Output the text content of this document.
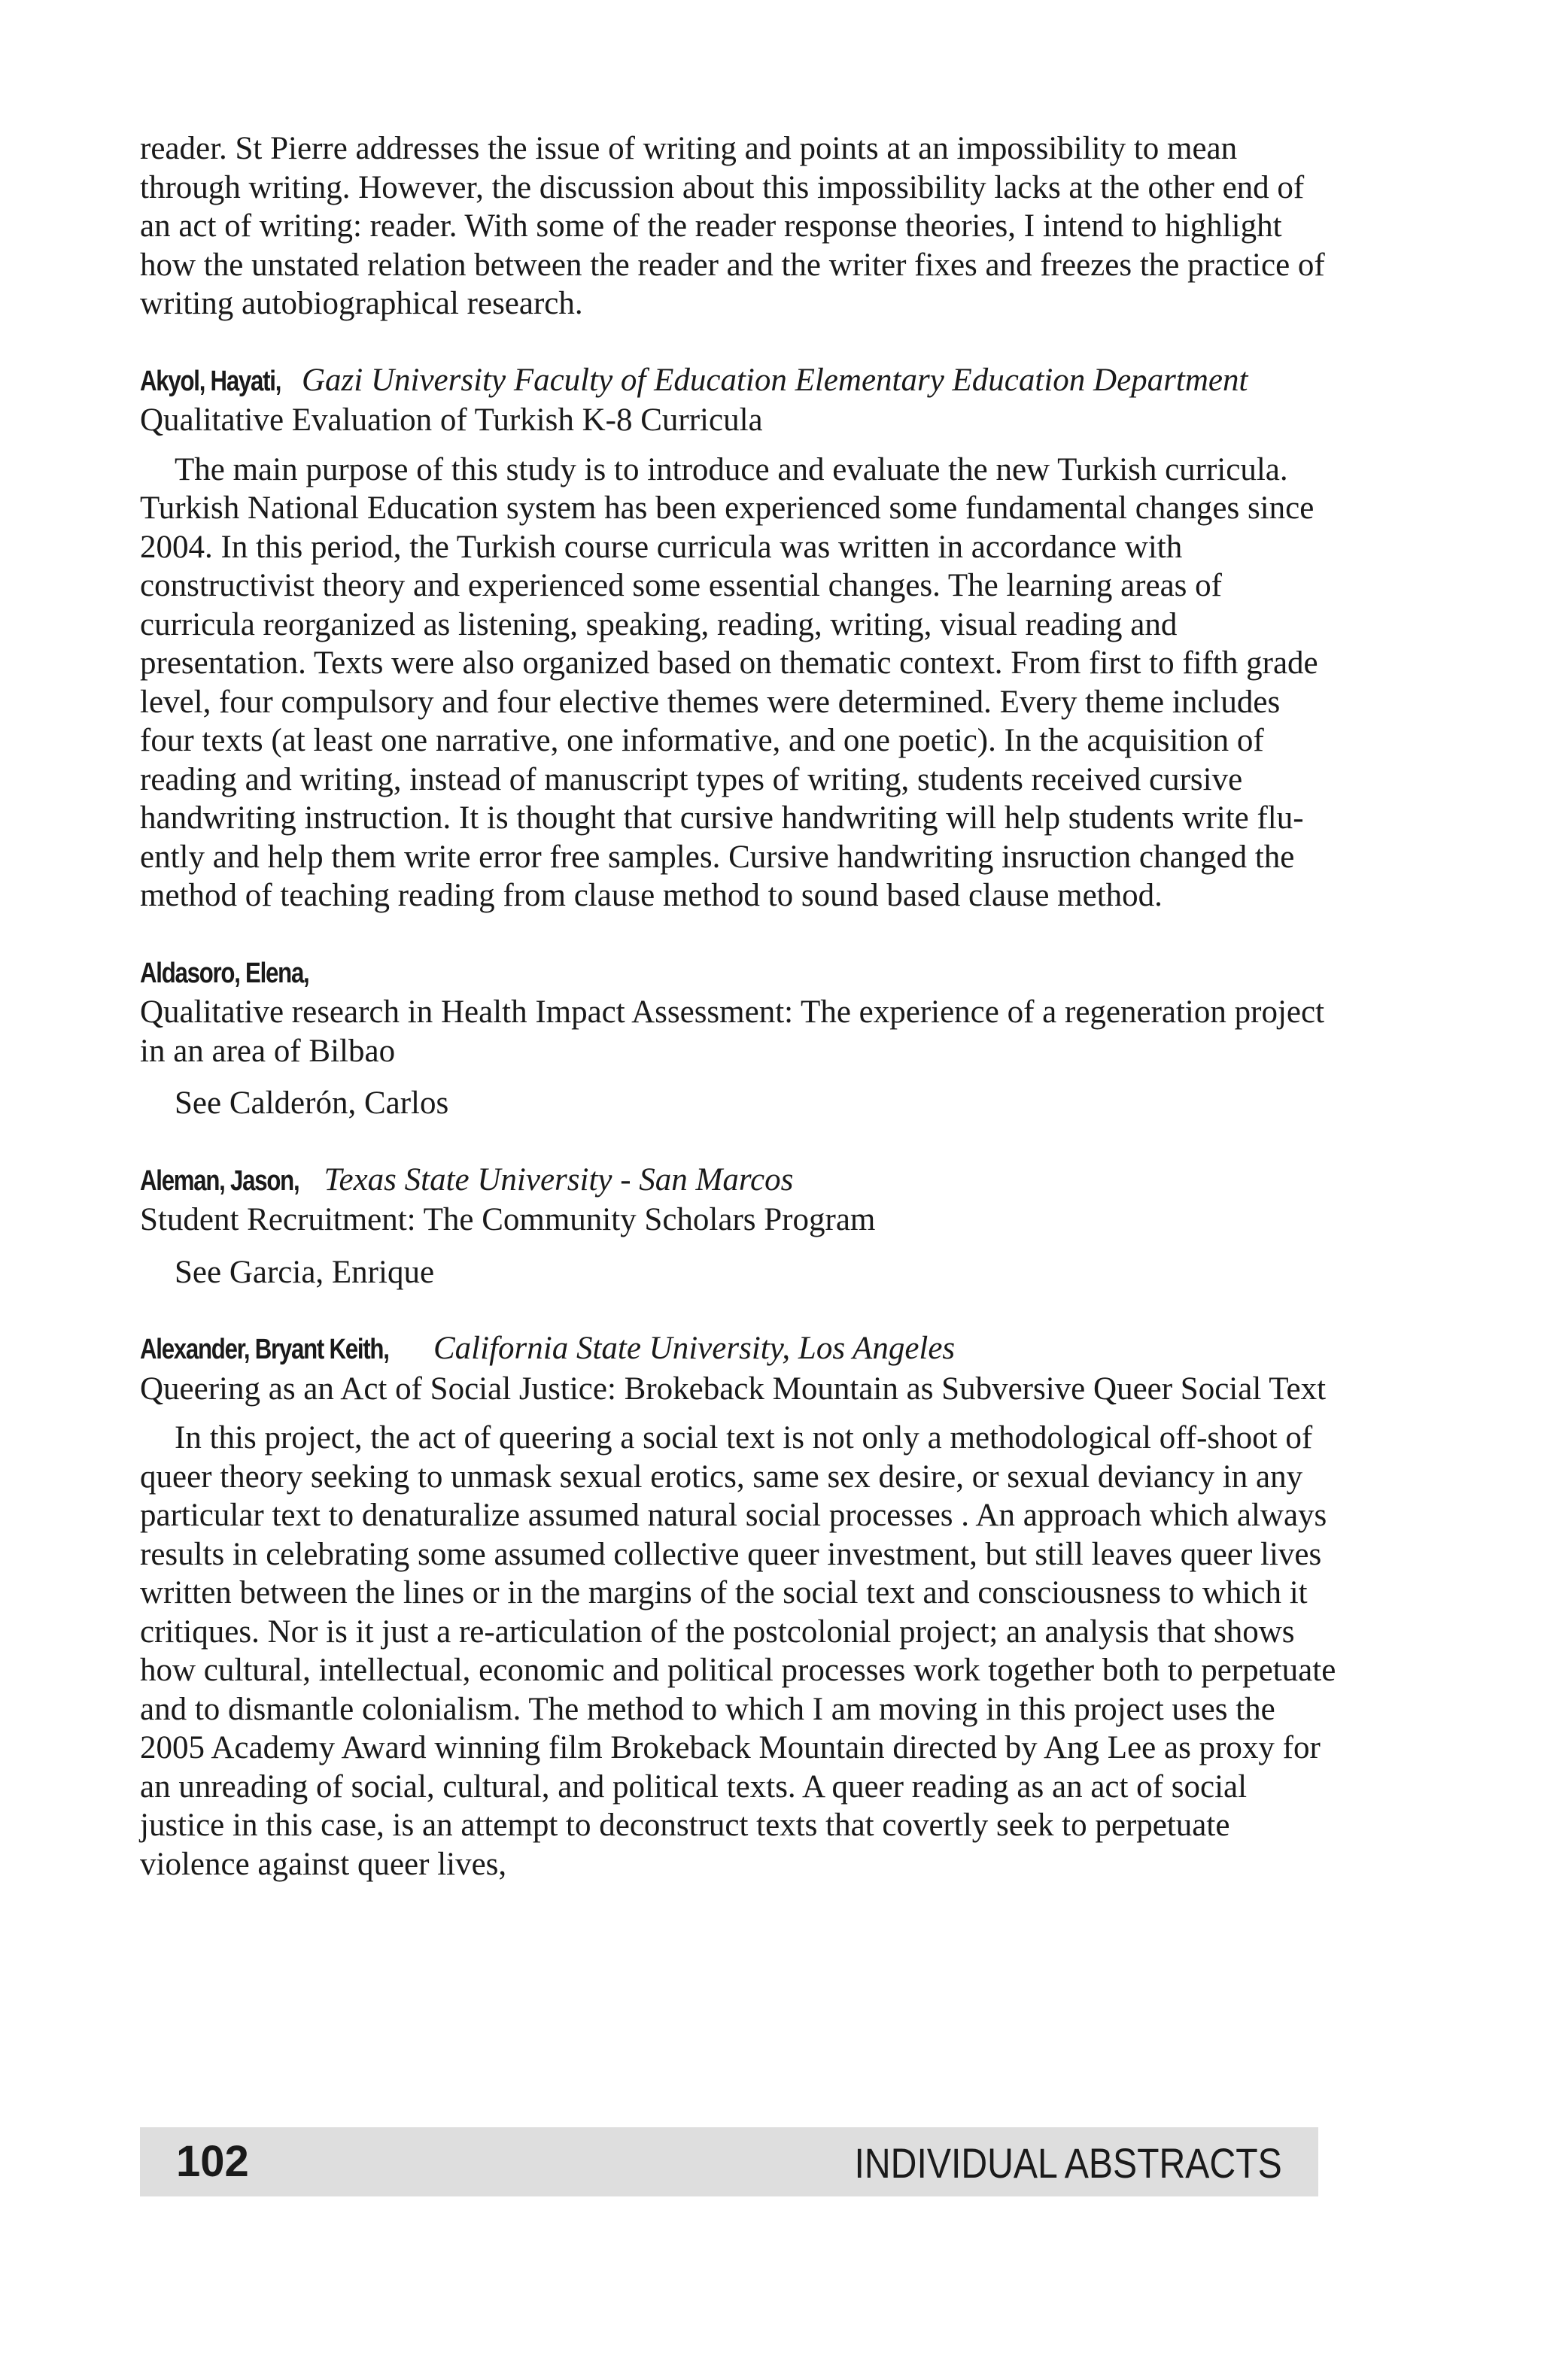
reader. St Pierre addresses the issue of writing and points at an impossibility to mean through writing. However, the discussion about this impossibility lacks at the other end of an act of writing: reader. With some of the reader response theories, I intend to highlight how the unstated relation between the reader and the writer fixes and freezes the practice of writing autobiographical research.

Akyol, Hayati, Gazi University Faculty of Education Elementary Education Department

Qualitative Evaluation of Turkish K-8 Curricula

The main purpose of this study is to introduce and evaluate the new Turkish curricula. Turkish National Education system has been experienced some fundamental changes since 2004. In this period, the Turkish course curricula was written in accordance with constructivist theory and experienced some essential changes. The learning areas of curricula reorganized as listening, speaking, reading, writing, visual reading and presentation. Texts were also organized based on thematic context. From first to fifth grade level, four compulsory and four elective themes were determined. Every theme includes four texts (at least one narrative, one informative, and one poetic). In the acquisition of reading and writing, instead of manuscript types of writing, students received cursive handwriting instruction. It is thought that cursive handwriting will help students write fluently and help them write error free samples. Cursive handwriting insruction changed the method of teaching reading from clause method to sound based clause method.

Aldasoro, Elena,

Qualitative research in Health Impact Assessment: The experience of a regeneration project in an area of Bilbao

See Calderón, Carlos

Aleman, Jason, Texas State University - San Marcos

Student Recruitment: The Community Scholars Program

See Garcia, Enrique

Alexander, Bryant Keith, California State University, Los Angeles

Queering as an Act of Social Justice: Brokeback Mountain as Subversive Queer Social Text

In this project, the act of queering a social text is not only a methodological off-shoot of queer theory seeking to unmask sexual erotics, same sex desire, or sexual deviancy in any particular text to denaturalize assumed natural social processes . An approach which always results in celebrating some assumed collective queer investment, but still leaves queer lives written between the lines or in the margins of the social text and consciousness to which it critiques. Nor is it just a re-articulation of the postcolonial project; an analysis that shows how cultural, intellectual, economic and political processes work together both to perpetuate and to dismantle colonialism. The method to which I am moving in this project uses the 2005 Academy Award winning film Brokeback Mountain directed by Ang Lee as proxy for an unreading of social, cultural, and political texts. A queer reading as an act of social justice in this case, is an attempt to deconstruct texts that covertly seek to perpetuate violence against queer lives,

102	INDIVIDUAL ABSTRACTS
